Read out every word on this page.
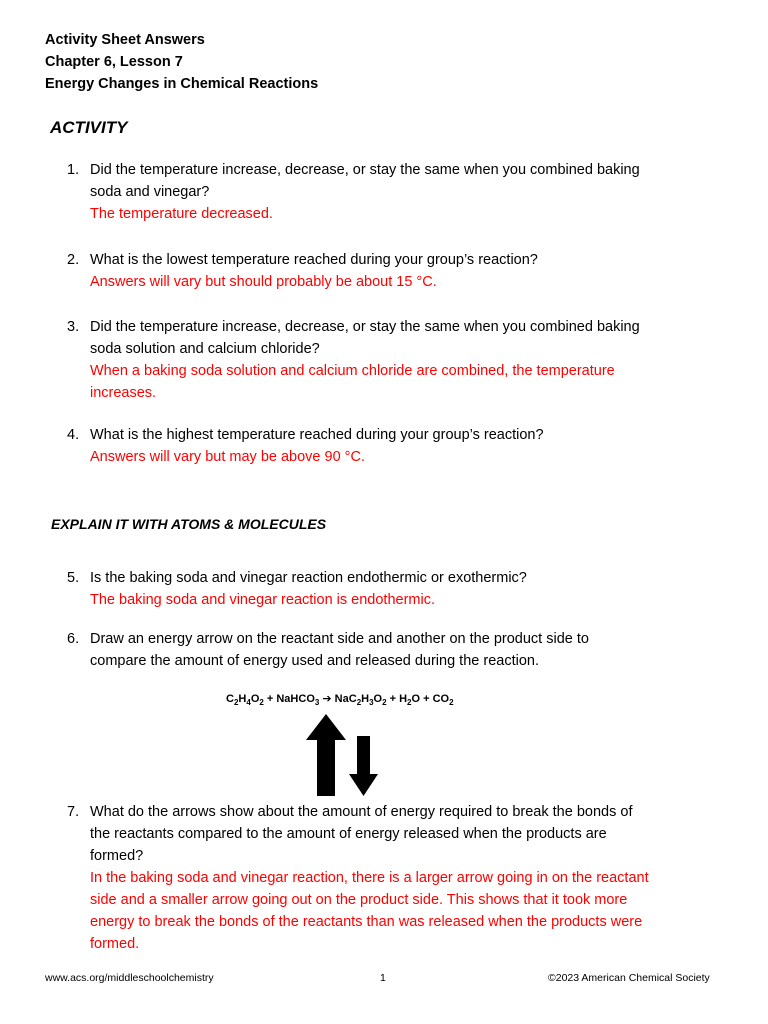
Activity Sheet Answers
Chapter 6, Lesson 7
Energy Changes in Chemical Reactions
ACTIVITY
1. Did the temperature increase, decrease, or stay the same when you combined baking
soda and vinegar?
The temperature decreased.
2. What is the lowest temperature reached during your group’s reaction?
Answers will vary but should probably be about 15 °C.
3. Did the temperature increase, decrease, or stay the same when you combined baking
soda solution and calcium chloride?
When a baking soda solution and calcium chloride are combined, the temperature
increases.
4. What is the highest temperature reached during your group’s reaction?
Answers will vary but may be above 90 °C.
EXPLAIN IT WITH ATOMS & MOLECULES
5. Is the baking soda and vinegar reaction endothermic or exothermic?
The baking soda and vinegar reaction is endothermic.
6. Draw an energy arrow on the reactant side and another on the product side to
compare the amount of energy used and released during the reaction.
$C_2H_4O_2$ + NaHCO$_3$ ➔ $NaC_2H_3O_2 + H_2O + CO_2$
7. What do the arrows show about the amount of energy required to break the bonds of
the reactants compared to the amount of energy released when the products are
formed?
In the baking soda and vinegar reaction, there is a larger arrow going in on the reactant
side and a smaller arrow going out on the product side. This shows that it took more
energy to break the bonds of the reactants than was released when the products were
formed.
www.acs.org/middleschoolchemistry	1	©2023 American Chemical Society
